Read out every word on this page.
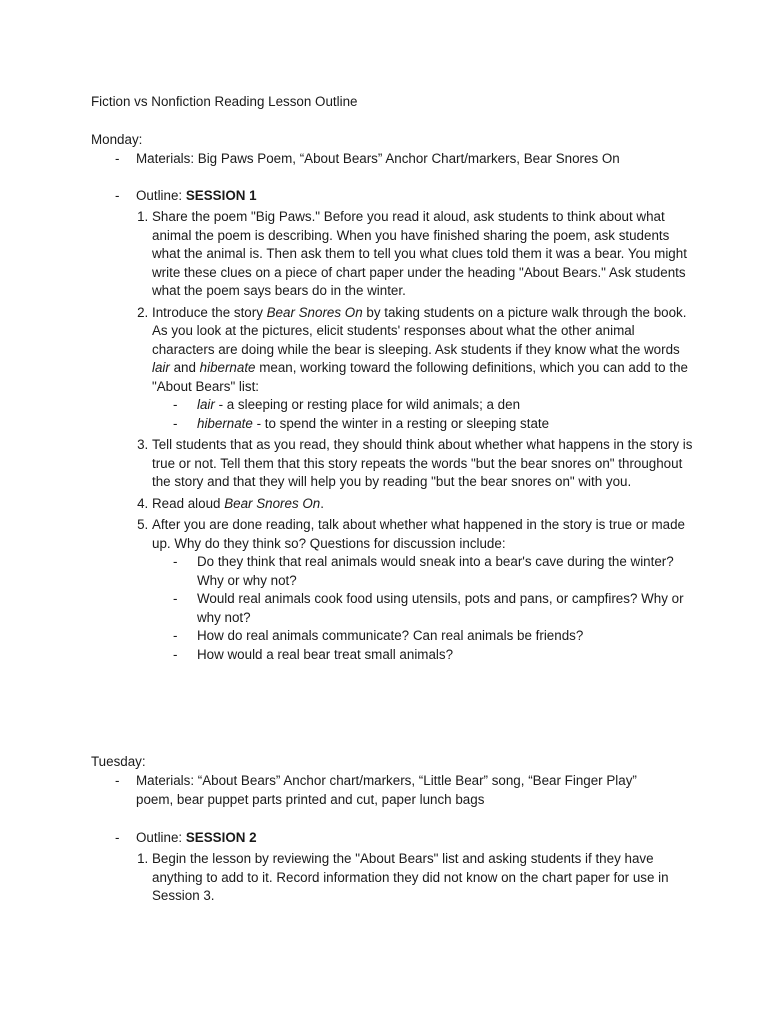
Fiction vs Nonfiction Reading Lesson Outline
Monday:
- Materials: Big Paws Poem, “About Bears” Anchor Chart/markers, Bear Snores On
- Outline: SESSION 1
1. Share the poem "Big Paws." Before you read it aloud, ask students to think about what animal the poem is describing. When you have finished sharing the poem, ask students what the animal is. Then ask them to tell you what clues told them it was a bear. You might write these clues on a piece of chart paper under the heading "About Bears." Ask students what the poem says bears do in the winter.
2. Introduce the story Bear Snores On by taking students on a picture walk through the book. As you look at the pictures, elicit students' responses about what the other animal characters are doing while the bear is sleeping. Ask students if they know what the words lair and hibernate mean, working toward the following definitions, which you can add to the "About Bears" list:
- lair - a sleeping or resting place for wild animals; a den
- hibernate - to spend the winter in a resting or sleeping state
3. Tell students that as you read, they should think about whether what happens in the story is true or not. Tell them that this story repeats the words "but the bear snores on" throughout the story and that they will help you by reading "but the bear snores on" with you.
4. Read aloud Bear Snores On.
5. After you are done reading, talk about whether what happened in the story is true or made up. Why do they think so? Questions for discussion include:
- Do they think that real animals would sneak into a bear's cave during the winter? Why or why not?
- Would real animals cook food using utensils, pots and pans, or campfires? Why or why not?
- How do real animals communicate? Can real animals be friends?
- How would a real bear treat small animals?
Tuesday:
- Materials: “About Bears” Anchor chart/markers, “Little Bear” song, “Bear Finger Play” poem, bear puppet parts printed and cut, paper lunch bags
- Outline: SESSION 2
1. Begin the lesson by reviewing the "About Bears" list and asking students if they have anything to add to it. Record information they did not know on the chart paper for use in Session 3.
